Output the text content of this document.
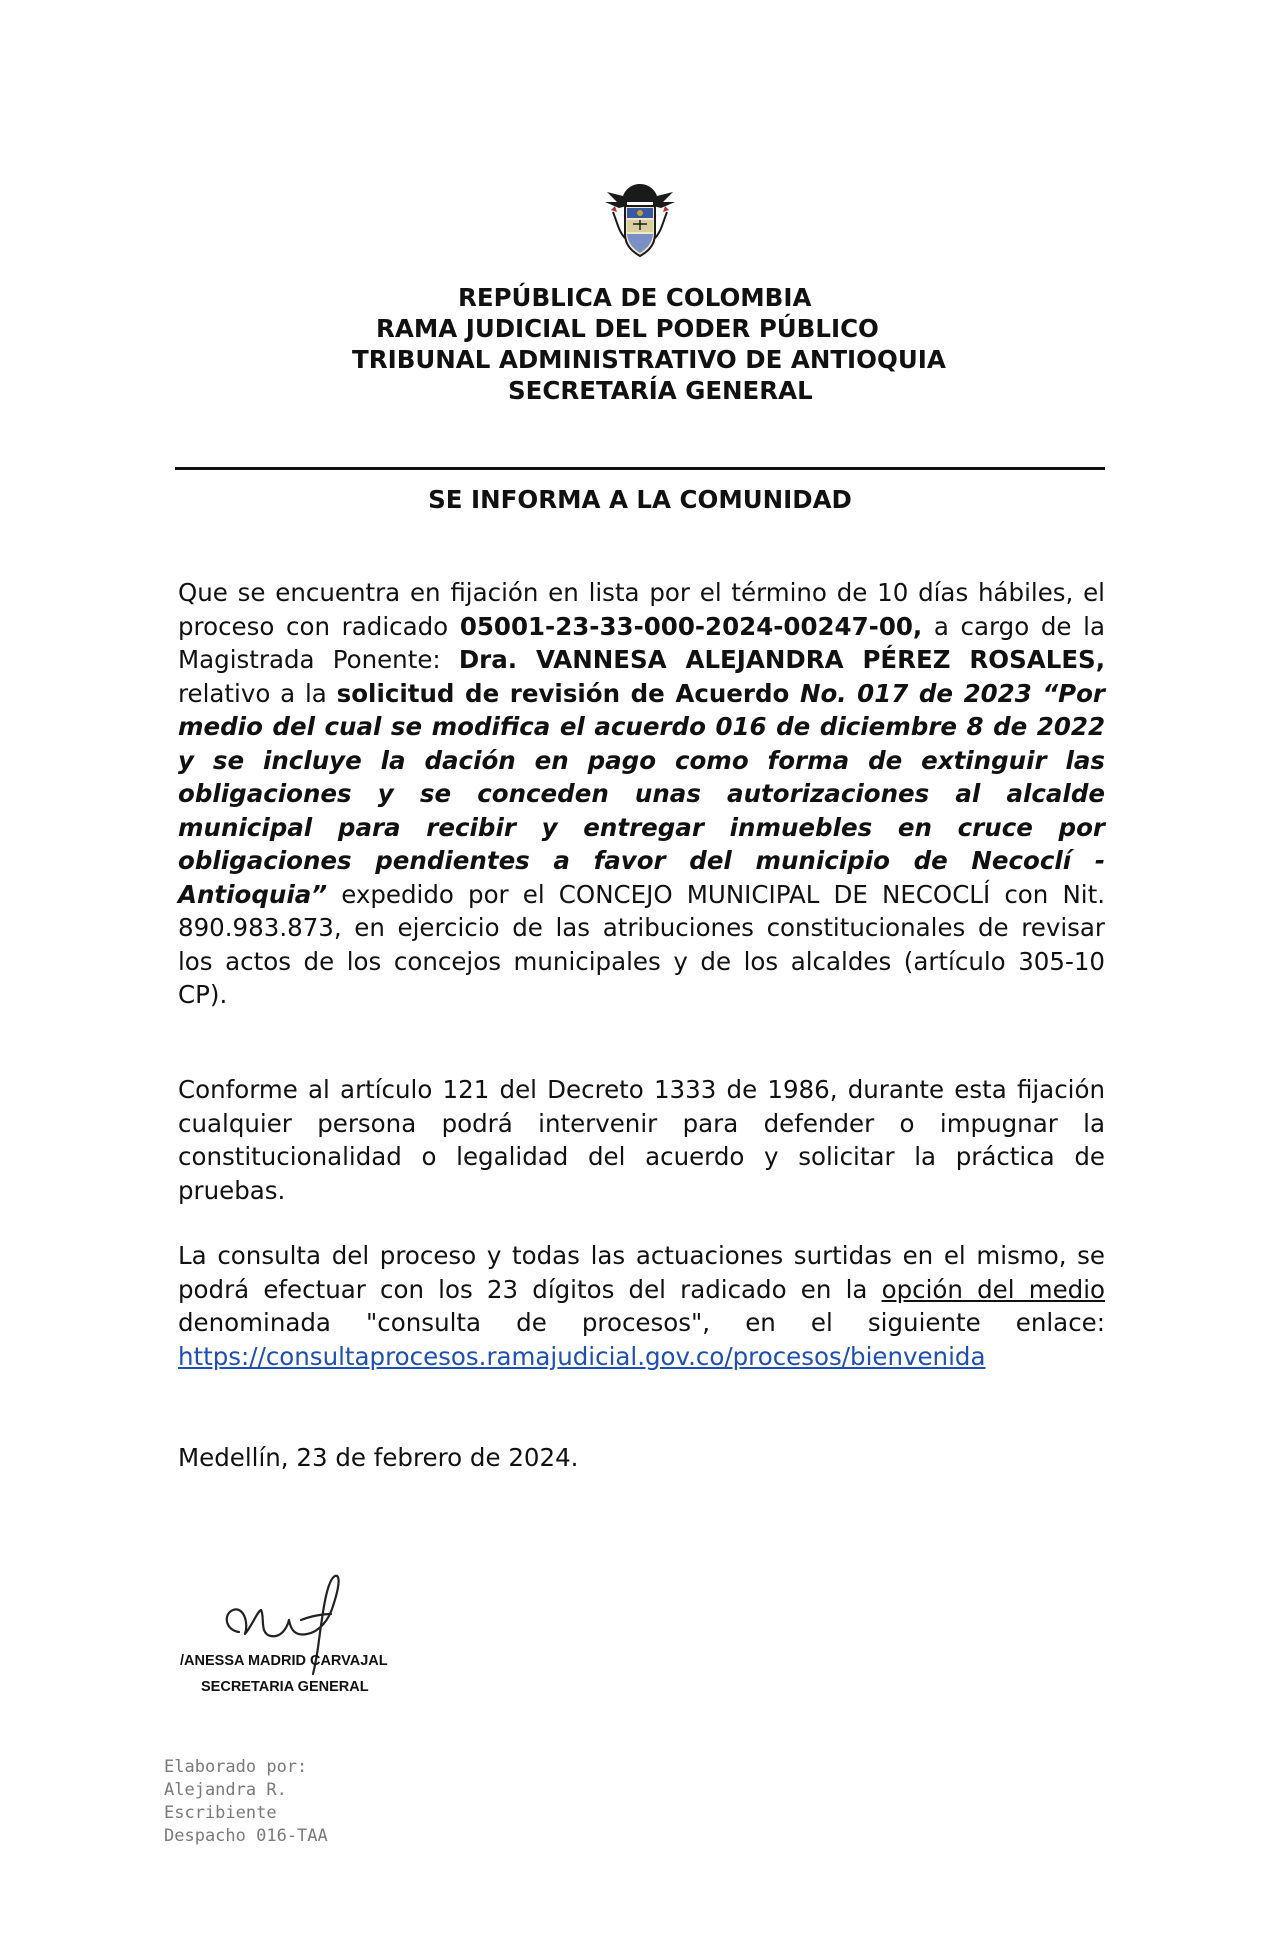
REPÚBLICA DE COLOMBIA
RAMA JUDICIAL DEL PODER PÚBLICO
TRIBUNAL ADMINISTRATIVO DE ANTIOQUIA
SECRETARÍA GENERAL
SE INFORMA A LA COMUNIDAD
Que se encuentra en fijación en lista por el término de 10 días hábiles, el proceso con radicado 05001-23-33-000-2024-00247-00, a cargo de la Magistrada Ponente: Dra. VANNESA ALEJANDRA PÉREZ ROSALES, relativo a la solicitud de revisión de Acuerdo No. 017 de 2023 “Por medio del cual se modifica el acuerdo 016 de diciembre 8 de 2022 y se incluye la dación en pago como forma de extinguir las obligaciones y se conceden unas autorizaciones al alcalde municipal para recibir y entregar inmuebles en cruce por obligaciones pendientes a favor del municipio de Necoclí - Antioquia” expedido por el CONCEJO MUNICIPAL DE NECOCLÍ con Nit. 890.983.873, en ejercicio de las atribuciones constitucionales de revisar los actos de los concejos municipales y de los alcaldes (artículo 305-10 CP).
Conforme al artículo 121 del Decreto 1333 de 1986, durante esta fijación cualquier persona podrá intervenir para defender o impugnar la constitucionalidad o legalidad del acuerdo y solicitar la práctica de pruebas.
La consulta del proceso y todas las actuaciones surtidas en el mismo, se podrá efectuar con los 23 dígitos del radicado en la opción del medio denominada "consulta de procesos", en el siguiente enlace: https://consultaprocesos.ramajudicial.gov.co/procesos/bienvenida
Medellín, 23 de febrero de 2024.
/ANESSA MADRID CARVAJAL
SECRETARIA GENERAL
Elaborado por:
Alejandra R.
Escribiente
Despacho 016-TAA
